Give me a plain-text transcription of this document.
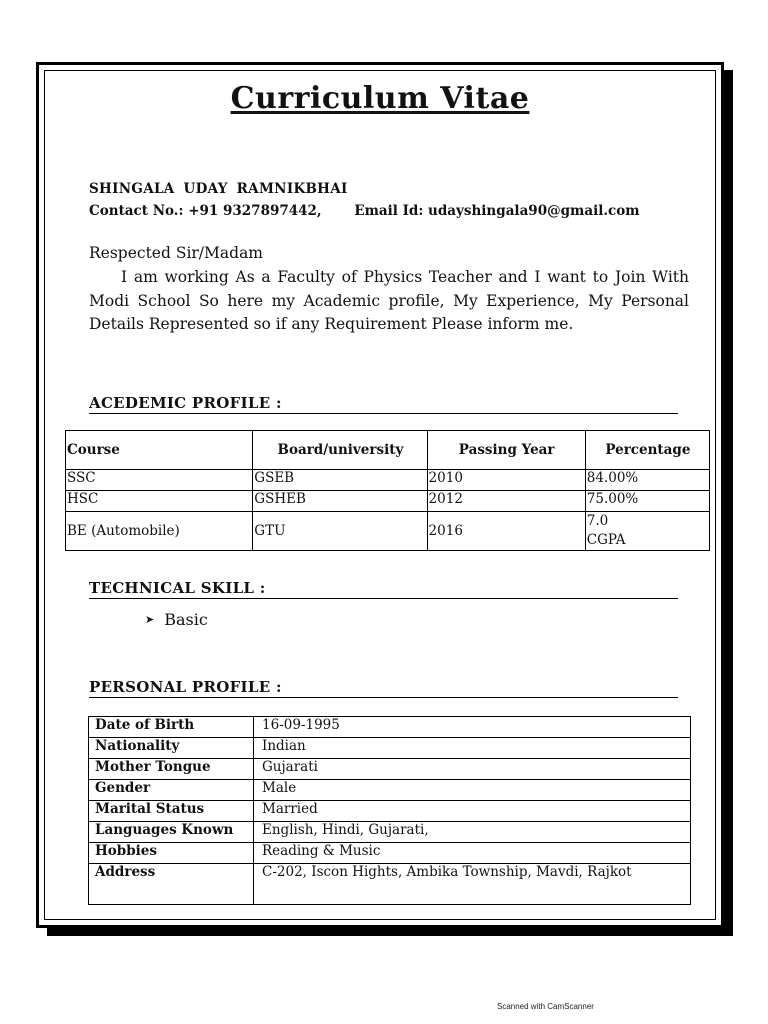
Curriculum Vitae
SHINGALA UDAY RAMNIKBHAI
Contact No.: +91 9327897442, Email Id: udayshingala90@gmail.com
Respected Sir/Madam
I am working As a Faculty of Physics Teacher and I want to Join With Modi School So here my Academic profile, My Experience, My Personal Details Represented so if any Requirement Please inform me.
ACEDEMIC PROFILE :
Course	Board/university	Passing Year	Percentage
SSC	GSEB	2010	84.00%
HSC	GSHEB	2012	75.00%
BE (Automobile)	GTU	2016	7.0
CGPA
TECHNICAL SKILL :
➤ Basic
PERSONAL PROFILE :
Date of Birth	16-09-1995
Nationality	Indian
Mother Tongue	Gujarati
Gender	Male
Marital Status	Married
Languages Known	English, Hindi, Gujarati,
Hobbies	Reading & Music
Address	C-202, Iscon Hights, Ambika Township, Mavdi, Rajkot
Scanned with CamScanner
